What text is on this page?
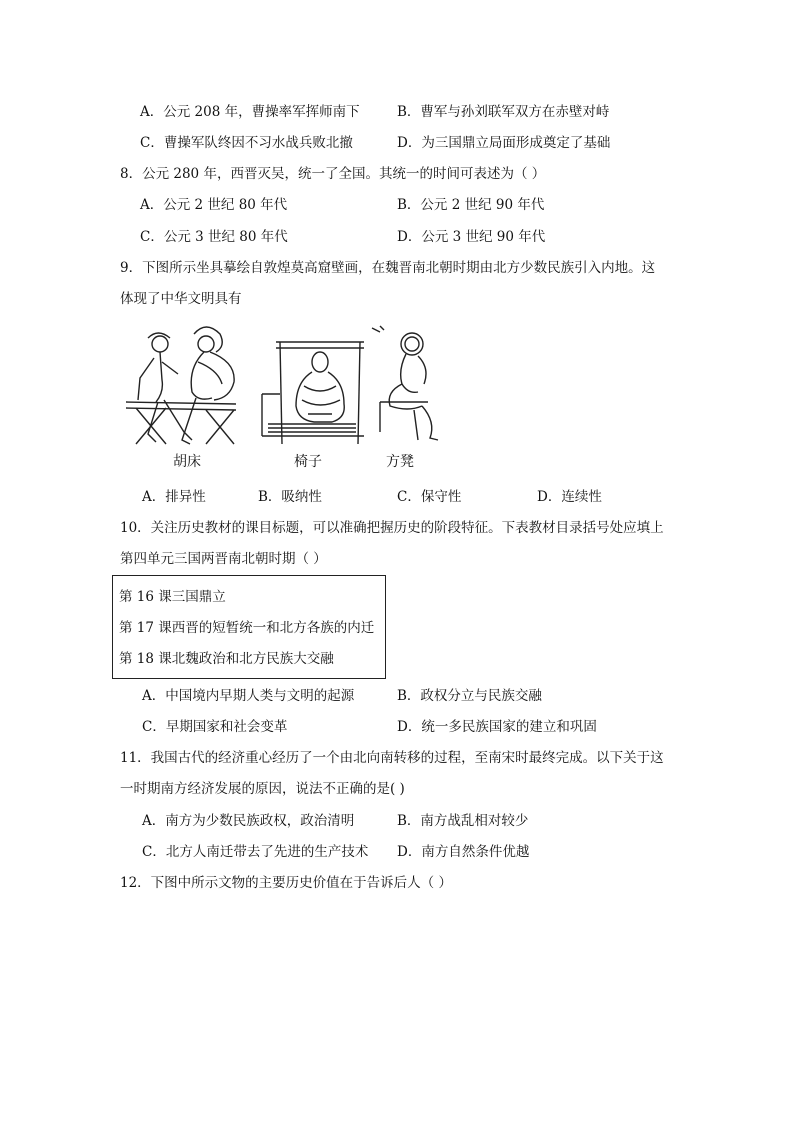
A．公元 208 年，曹操率军挥师南下	B．曹军与孙刘联军双方在赤壁对峙
C．曹操军队终因不习水战兵败北撤	D．为三国鼎立局面形成奠定了基础
8．公元 280 年，西晋灭吴，统一了全国。其统一的时间可表述为（ ）
A．公元 2 世纪 80 年代	B．公元 2 世纪 90 年代
C．公元 3 世纪 80 年代	D．公元 3 世纪 90 年代
9．下图所示坐具摹绘自敦煌莫高窟壁画，在魏晋南北朝时期由北方少数民族引入内地。这
体现了中华文明具有
胡床	椅子	方凳
A．排异性	B．吸纳性	C．保守性	D．连续性
10．关注历史教材的课目标题，可以准确把握历史的阶段特征。下表教材目录括号处应填上
第四单元三国两晋南北朝时期（ ）
第 16 课三国鼎立
第 17 课西晋的短暂统一和北方各族的内迁
第 18 课北魏政治和北方民族大交融
A．中国境内早期人类与文明的起源	B．政权分立与民族交融
C．早期国家和社会变革	D．统一多民族国家的建立和巩固
11．我国古代的经济重心经历了一个由北向南转移的过程，至南宋时最终完成。以下关于这
一时期南方经济发展的原因，说法不正确的是( )
A．南方为少数民族政权，政治清明	B．南方战乱相对较少
C．北方人南迁带去了先进的生产技术 D．南方自然条件优越
12．下图中所示文物的主要历史价值在于告诉后人（ ）
